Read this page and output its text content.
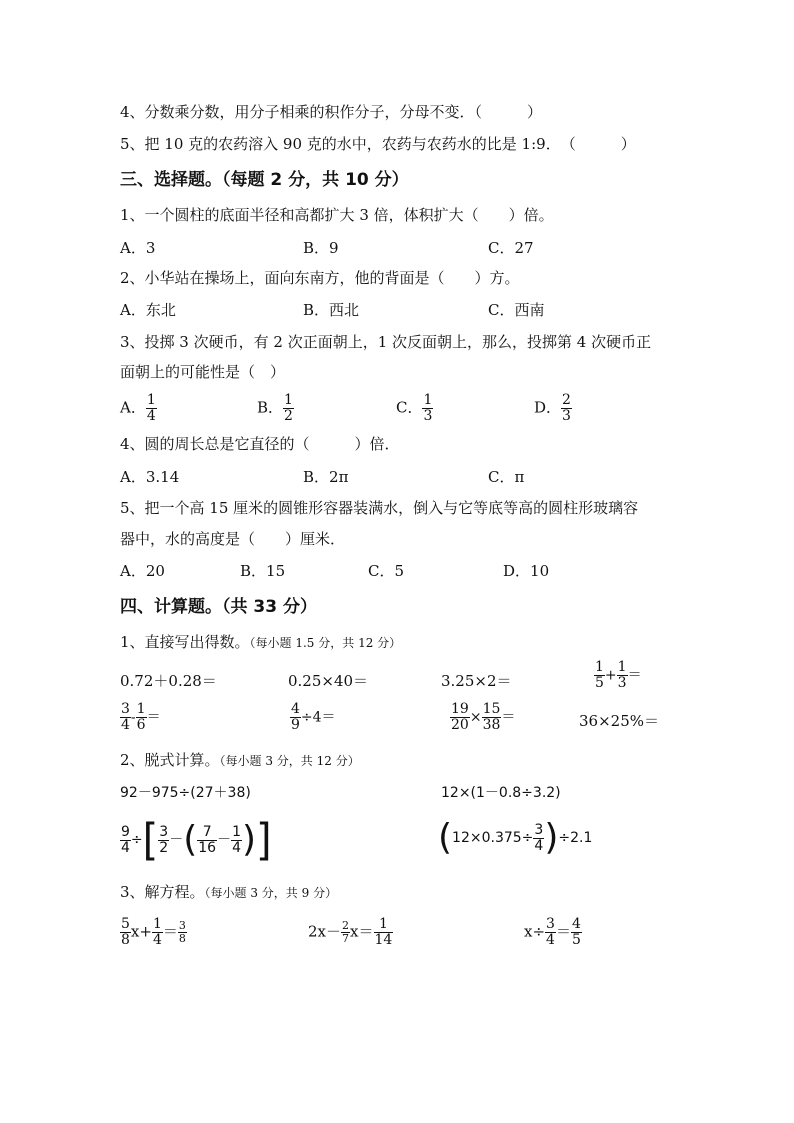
4、分数乘分数，用分子相乘的积作分子，分母不变．（　　　）
5、把 10 克的农药溶入 90 克的水中，农药与农药水的比是 1:9．　（　　　）
三、选择题。（每题 2 分，共 10 分）
1、一个圆柱的底面半径和高都扩大 3 倍，体积扩大（　　）倍。
A．3	B．9	C．27
2、小华站在操场上，面向东南方，他的背面是（　　）方。
A．东北	B．西北	C．西南
3、投掷 3 次硬币，有 2 次正面朝上，1 次反面朝上，那么，投掷第 4 次硬币正
面朝上的可能性是（　）
A． $\frac{1}{4}$	B． $\frac{1}{2}$	C． $\frac{1}{3}$	D． $\frac{2}{3}$
4、圆的周长总是它直径的（　　　）倍．
A．3.14	B．2π	C．π
5、把一个高 15 厘米的圆锥形容器装满水，倒入与它等底等高的圆柱形玻璃容
器中，水的高度是（　　）厘米．
A．20	B．15	C．5	D．10
四、计算题。（共 33 分）
1、直接写出得数。（每小题 1.5 分，共 12 分）
0.72＋0.28＝	0.25×40＝	3.25×2＝	$\frac{1}{5} + \frac{1}{3}$ ＝
$\frac{3}{4} - \frac{1}{6}$ ＝	$\frac{4}{9} \div 4=$	$\frac{19}{20} \times \frac{15}{38}$ ＝	36×25%＝
2、脱式计算。（每小题 3 分，共 12 分）
92－975÷(27＋38)	12×(1－0.8÷3.2)
$\frac{9}{4}$ ÷[ $\frac{3}{2}$ －( $\frac{7}{16} - \frac{1}{4}$ )]	$(12\times 0.375\div \frac{3}{4} )\div 2.1$
3、解方程。（每小题 3 分，共 9 分）
$\frac{5}{8} x+ \frac{1}{4} = \frac{3}{8}$	$2x- \frac{2}{7} x= \frac{1}{14}$	$x\div \frac{3}{4} = \frac{4}{5}$
